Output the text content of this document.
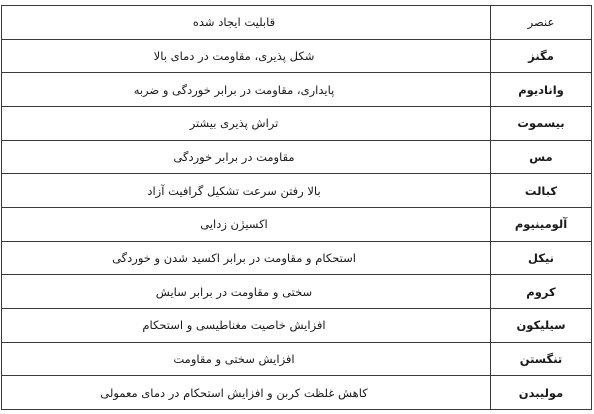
عنصر	قابلیت ایجاد شده
مگنز	شکل پذیری، مقاومت در دمای بالا
واناديوم	پایداری، مقاومت در برابر خوردگی و ضربه
بیسموت	تراش پذیری بیشتر
مس	مقاومت در برابر خوردگی
کبالت	بالا رفتن سرعت تشکیل گرافیت آزاد
آلومینیوم	اکسیژن زدایی
نیکل	استحکام و مقاومت در برابر اکسید شدن و خوردگی
کروم	سختی و مقاومت در برابر سایش
سیلیکون	افزایش خاصیت مغناطیسی و استحکام
تنگستن	افزایش سختی و مقاومت
مولیبدن	کاهش غلظت کربن و افزایش استحکام در دمای معمولی
